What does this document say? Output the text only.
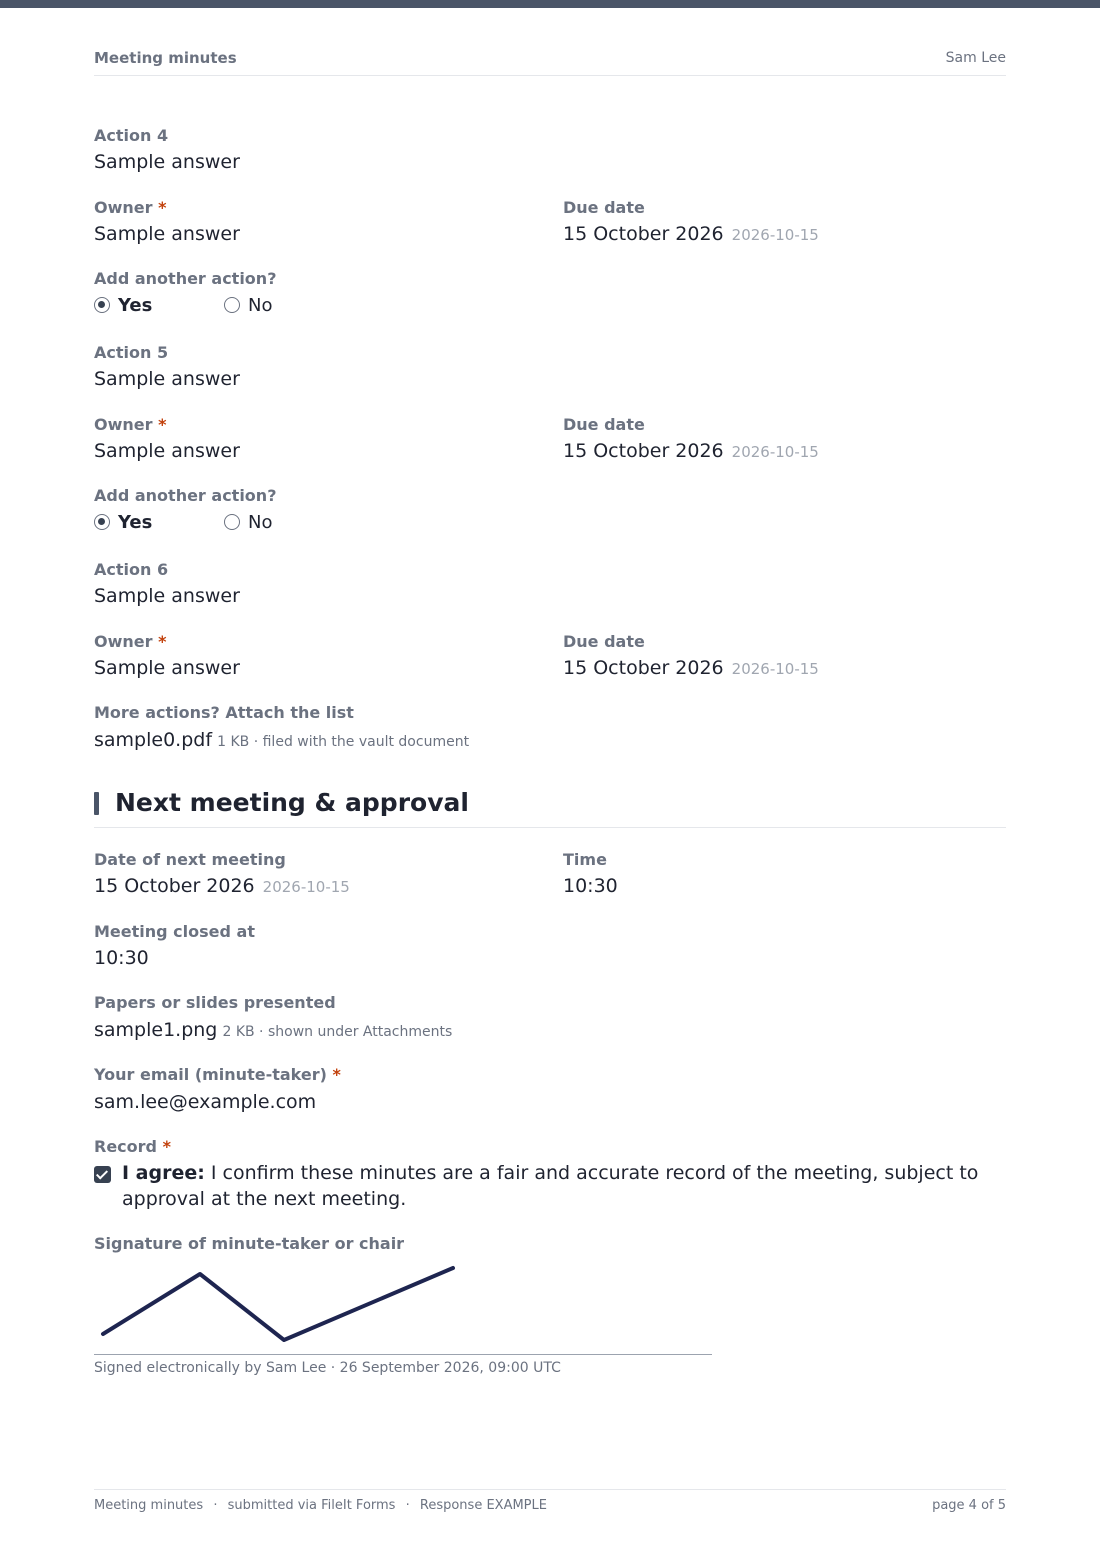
Meeting minutes	Sam Lee
Action 4
Sample answer
Owner *
Sample answer
Due date
15 October 2026 2026-10-15
Add another action?
Yes	No
Action 5
Sample answer
Owner *
Sample answer
Due date
15 October 2026 2026-10-15
Add another action?
Yes	No
Action 6
Sample answer
Owner *
Sample answer
Due date
15 October 2026 2026-10-15
More actions? Attach the list
sample0.pdf 1 KB · filed with the vault document
Next meeting & approval
Date of next meeting
15 October 2026 2026-10-15
Time
10:30
Meeting closed at
10:30
Papers or slides presented
sample1.png 2 KB · shown under Attachments
Your email (minute-taker) *
sam.lee@example.com
Record *
I agree: I confirm these minutes are a fair and accurate record of the meeting, subject to approval at the next meeting.
Signature of minute-taker or chair
Signed electronically by Sam Lee · 26 September 2026, 09:00 UTC
Meeting minutes · submitted via FileIt Forms · Response EXAMPLE	page 4 of 5
